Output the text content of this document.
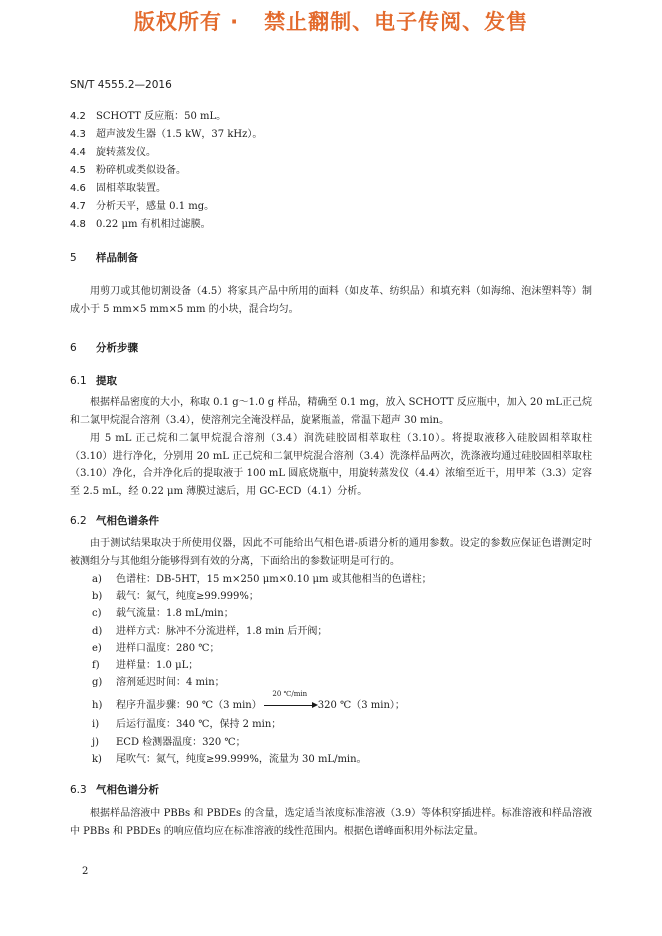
版权所有 ·   禁止翻制、电子传阅、发售
SN/T 4555.2—2016
4.2 SCHOTT 反应瓶：50 mL。
4.3 超声波发生器（1.5 kW，37 kHz）。
4.4 旋转蒸发仪。
4.5 粉碎机或类似设备。
4.6 固相萃取装置。
4.7 分析天平，感量 0.1 mg。
4.8 0.22 μm 有机相过滤膜。
5 样品制备
用剪刀或其他切割设备（4.5）将家具产品中所用的面料（如皮革、纺织品）和填充料（如海绵、泡沫塑料等）制成小于 5 mm×5 mm×5 mm 的小块，混合均匀。
6 分析步骤
6.1 提取
根据样品密度的大小，称取 0.1 g～1.0 g 样品，精确至 0.1 mg，放入 SCHOTT 反应瓶中，加入 20 mL正己烷和二氯甲烷混合溶剂（3.4），使溶剂完全淹没样品，旋紧瓶盖，常温下超声 30 min。
用 5 mL 正己烷和二氯甲烷混合溶剂（3.4）润洗硅胶固相萃取柱（3.10）。将提取液移入硅胶固相萃取柱（3.10）进行净化，分别用 20 mL 正己烷和二氯甲烷混合溶剂（3.4）洗涤样品两次，洗涤液均通过硅胶固相萃取柱（3.10）净化，合并净化后的提取液于 100 mL 圆底烧瓶中，用旋转蒸发仪（4.4）浓缩至近干，用甲苯（3.3）定容至 2.5 mL，经 0.22 μm 薄膜过滤后，用 GC-ECD（4.1）分析。
6.2 气相色谱条件
由于测试结果取决于所使用仪器，因此不可能给出气相色谱-质谱分析的通用参数。设定的参数应保证色谱测定时被测组分与其他组分能够得到有效的分离，下面给出的参数证明是可行的。
a) 色谱柱：DB-5HT，15 m×250 μm×0.10 μm 或其他相当的色谱柱；
b) 载气：氮气，纯度≥99.999%；
c) 载气流量：1.8 mL/min；
d) 进样方式：脉冲不分流进样，1.8 min 后开阀；
e) 进样口温度：280 ℃；
f) 进样量：1.0 μL；
g) 溶剂延迟时间：4 min；
h) 程序升温步骤：90 ℃（3 min）
20 ℃/min
320 ℃（3 min）；
i) 后运行温度：340 ℃，保持 2 min；
j) ECD 检测器温度：320 ℃；
k) 尾吹气：氮气，纯度≥99.999%，流量为 30 mL/min。
6.3 气相色谱分析
根据样品溶液中 PBBs 和 PBDEs 的含量，选定适当浓度标准溶液（3.9）等体积穿插进样。标准溶液和样品溶液中 PBBs 和 PBDEs 的响应值均应在标准溶液的线性范围内。根据色谱峰面积用外标法定量。
2
